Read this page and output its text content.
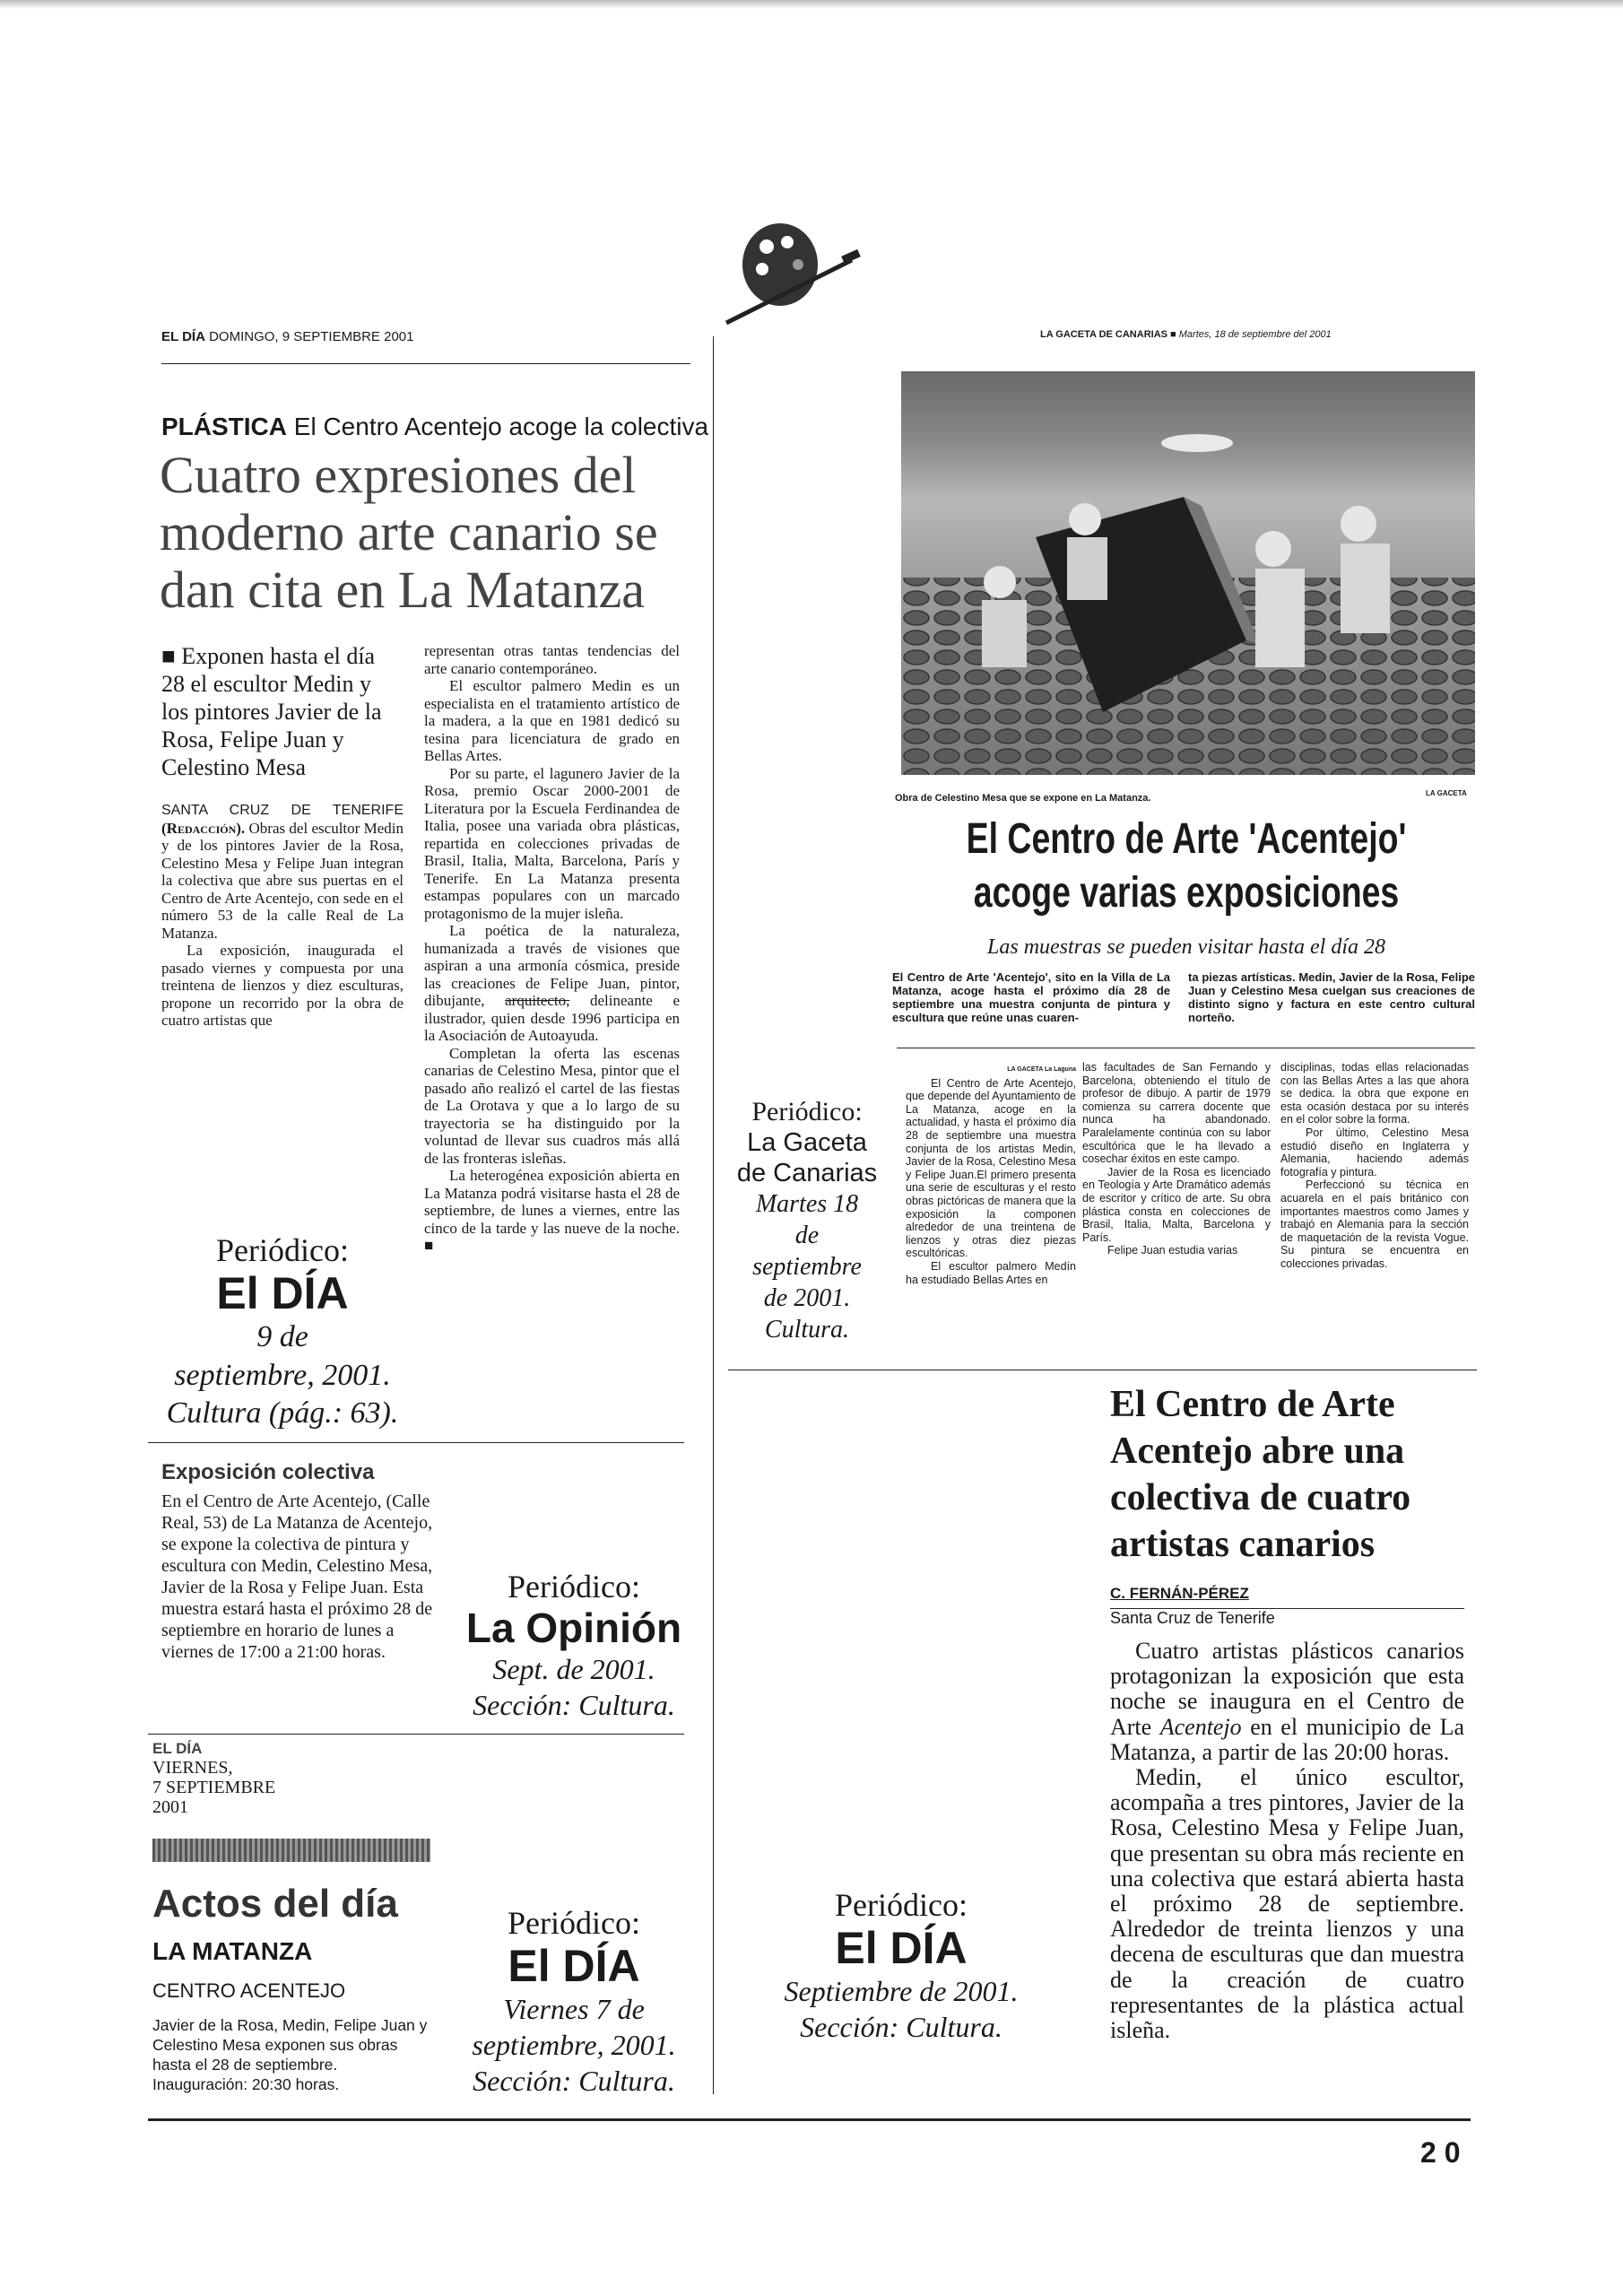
EL DÍA DOMINGO, 9 SEPTIEMBRE 2001	LA GACETA DE CANARIAS ■ Martes, 18 de septiembre del 2001
PLÁSTICA El Centro Acentejo acoge la colectiva
Cuatro expresiones del moderno arte canario se dan cita en La Matanza
■ Exponen hasta el día 28 el escultor Medin y los pintores Javier de la Rosa, Felipe Juan y Celestino Mesa

SANTA CRUZ DE TENERIFE (Redacción). Obras del escultor Medin y de los pintores Javier de la Rosa, Celestino Mesa y Felipe Juan integran la colectiva que abre sus puertas en el Centro de Arte Acentejo, con sede en el número 53 de la calle Real de La Matanza.

La exposición, inaugurada el pasado viernes y compuesta por una treintena de lienzos y diez esculturas, propone un recorrido por la obra de cuatro artistas que

representan otras tantas tendencias del arte canario contemporáneo.

El escultor palmero Medin es un especialista en el tratamiento artístico de la madera, a la que en 1981 dedicó su tesina para licenciatura de grado en Bellas Artes.

Por su parte, el lagunero Javier de la Rosa, premio Oscar 2000-2001 de Literatura por la Escuela Ferdinandea de Italia, posee una variada obra plásticas, repartida en colecciones privadas de Brasil, Italia, Malta, Barcelona, París y Tenerife. En La Matanza presenta estampas populares con un marcado protagonismo de la mujer isleña.

La poética de la naturaleza, humanizada a través de visiones que aspiran a una armonía cósmica, preside las creaciones de Felipe Juan, pintor, dibujante, arquitecto, delineante e ilustrador, quien desde 1996 participa en la Asociación de Autoayuda.

Completan la oferta las escenas canarias de Celestino Mesa, pintor que el pasado año realizó el cartel de las fiestas de La Orotava y que a lo largo de su trayectoria se ha distinguido por la voluntad de llevar sus cuadros más allá de las fronteras isleñas.

La heterogénea exposición abierta en La Matanza podrá visitarse hasta el 28 de septiembre, de lunes a viernes, entre las cinco de la tarde y las nueve de la noche. ■

Periódico:
El DÍA
9 de
septiembre, 2001.
Cultura (pág.: 63).
Exposición colectiva
En el Centro de Arte Acentejo, (Calle Real, 53) de La Matanza de Acentejo, se expone la colectiva de pintura y escultura con Medin, Celestino Mesa, Javier de la Rosa y Felipe Juan. Esta muestra estará hasta el próximo 28 de septiembre en horario de lunes a viernes de 17:00 a 21:00 horas.
Periódico:
La Opinión
Sept. de 2001.
Sección: Cultura.
EL DÍA
VIERNES,
7 SEPTIEMBRE
2001
Actos del día
LA MATANZA
CENTRO ACENTEJO
Javier de la Rosa, Medin, Felipe Juan y Celestino Mesa exponen sus obras hasta el 28 de septiembre.
Inauguración: 20:30 horas.
Periódico:
El DÍA
Viernes 7 de
septiembre, 2001.
Sección: Cultura.
Obra de Celestino Mesa que se expone en La Matanza.	LA GACETA
El Centro de Arte 'Acentejo'
acoge varias exposiciones
Las muestras se pueden visitar hasta el día 28
El Centro de Arte 'Acentejo', sito en la Villa de La Matanza, acoge hasta el próximo día 28 de septiembre una muestra conjunta de pintura y escultura que reúne unas cuaren-
ta piezas artísticas. Medin, Javier de la Rosa, Felipe Juan y Celestino Mesa cuelgan sus creaciones de distinto signo y factura en este centro cultural norteño.

LA GACETA La Laguna

El Centro de Arte Acentejo, que depende del Ayuntamiento de La Matanza, acoge en la actualidad, y hasta el próximo día 28 de septiembre una muestra conjunta de los artistas Medin, Javier de la Rosa, Celestino Mesa y Felipe Juan.El primero presenta una serie de esculturas y el resto obras pictóricas de manera que la exposición la componen alrededor de una treintena de lienzos y otras diez piezas escultóricas.

El escultor palmero Medín ha estudiado Bellas Artes en

las facultades de San Fernando y Barcelona, obteniendo el título de profesor de dibujo. A partir de 1979 comienza su carrera docente que nunca ha abandonado. Paralelamente continúa con su labor escultórica que le ha llevado a cosechar éxitos en este campo.

Javier de la Rosa es licenciado en Teología y Arte Dramático además de escritor y crítico de arte. Su obra plástica consta en colecciones de Brasil, Italia, Malta, Barcelona y París.

Felipe Juan estudia varias

disciplinas, todas ellas relacionadas con las Bellas Artes a las que ahora se dedica. la obra que expone en esta ocasión destaca por su interés en el color sobre la forma.

Por último, Celestino Mesa estudió diseño en Inglaterra y Alemania, haciendo además fotografía y pintura.

Perfeccionó su técnica en acuarela en el país británico con importantes maestros como James y trabajó en Alemania para la sección de maquetación de la revista Vogue. Su pintura se encuentra en colecciones privadas.

Periódico:
La Gaceta
de Canarias
Martes 18
de
septiembre
de 2001.
Cultura.
El Centro de Arte Acentejo abre una colectiva de cuatro artistas canarios
C. FERNÁN-PÉREZ
Santa Cruz de Tenerife

Cuatro artistas plásticos canarios protagonizan la exposición que esta noche se inaugura en el Centro de Arte Acentejo en el municipio de La Matanza, a partir de las 20:00 horas.

Medin, el único escultor, acompaña a tres pintores, Javier de la Rosa, Celestino Mesa y Felipe Juan, que presentan su obra más reciente en una colectiva que estará abierta hasta el próximo 28 de septiembre. Alrededor de treinta lienzos y una decena de esculturas que dan muestra de la creación de cuatro representantes de la plástica actual isleña.

Periódico:
El DÍA
Septiembre de 2001.
Sección: Cultura.
2 0
